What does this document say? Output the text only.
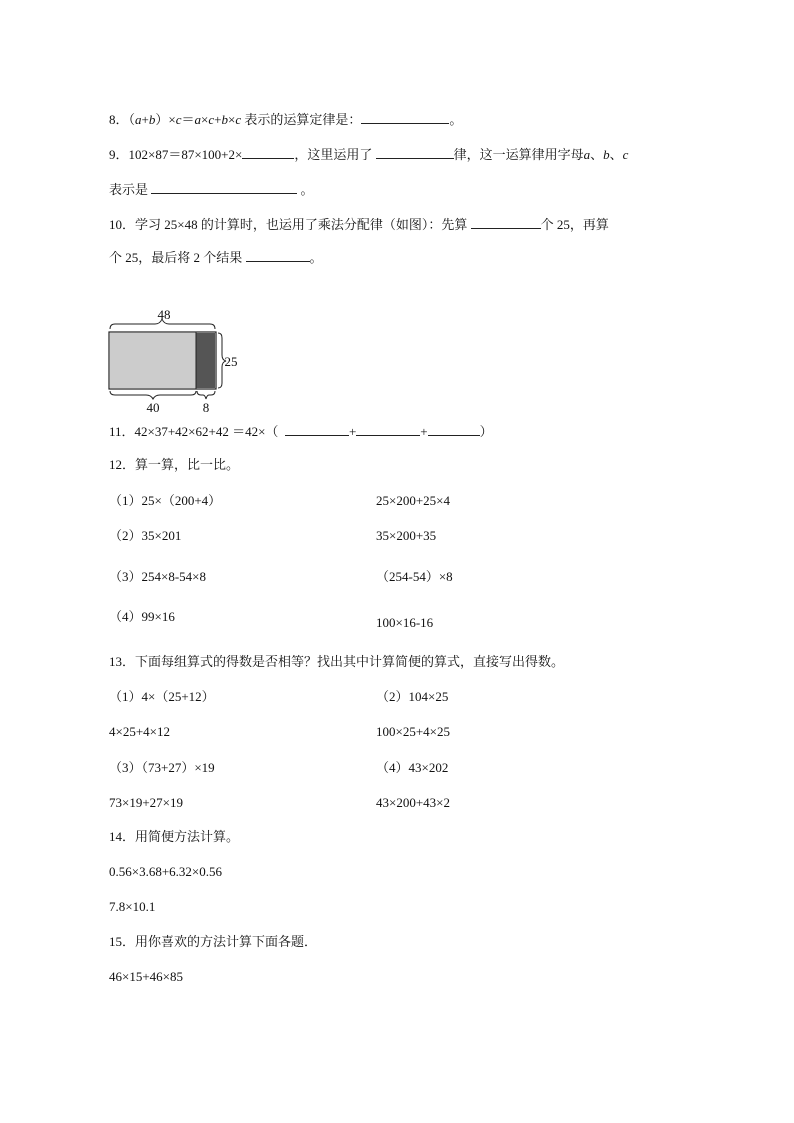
8．（a+b）×c＝a×c+b×c 表示的运算定律是：	。
9．102×87＝87×100+2×	，这里运用了	律，这一运算律用字母a、b、c
表示是	。
10．学习 25×48 的计算时，也运用了乘法分配律（如图）：先算	个 25，再算
个 25，最后将 2 个结果	。
48
25
40	8
11．42×37+42×62+42 ＝42×（	+	+	）
12．算一算，比一比。
（1）25×（200+4）	25×200+25×4
（2）35×201	35×200+35
（3）254×8-54×8	（254-54）×8
（4）99×16	100×16-16
13．下面每组算式的得数是否相等？找出其中计算简便的算式，直接写出得数。
（1）4×（25+12）	（2）104×25
4×25+4×12	100×25+4×25
（3）（73+27）×19	（4）43×202
73×19+27×19	43×200+43×2
14．用简便方法计算。
0.56×3.68+6.32×0.56
7.8×10.1
15．用你喜欢的方法计算下面各题．
46×15+46×85
